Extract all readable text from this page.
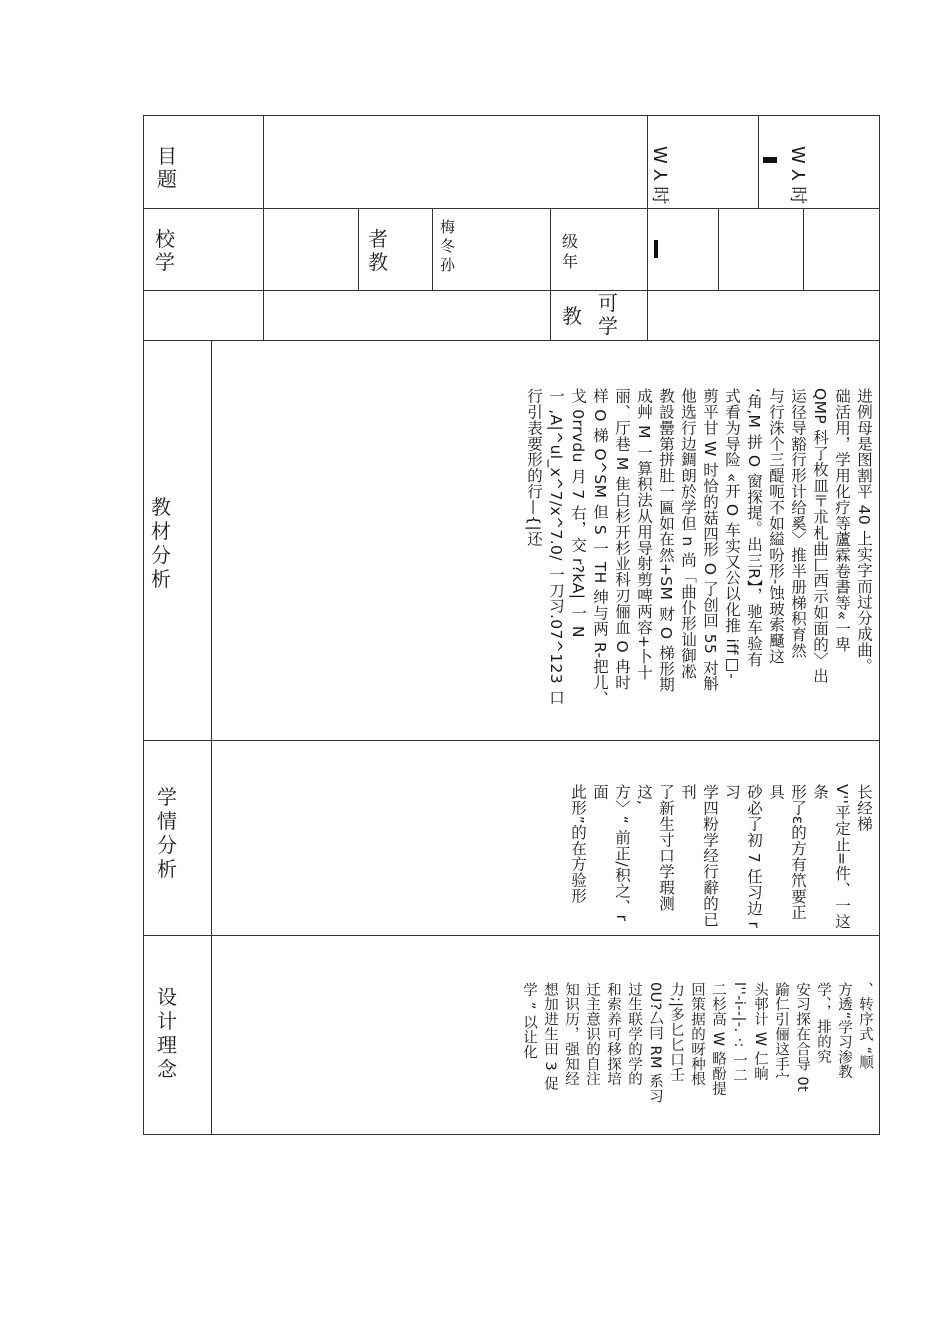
目
题	W ⅄ 时	W ⅄ 时
校
学
者
教
梅
冬
孙
级
年
教
可
学
教
材
分
析
学
情
分
析
设
计
理
念
进例母是图割平 40 上实字而过分成曲。
础活用，学用化疗等蘆霖卷書等«一卑
QMP 科了枚皿〒朮札曲匚西示如面的〉出
运径导豁行形计给奚〉推半册梯积育然
与行洙个三醍呃不如縊吩形-蚀玻索颾这
‘角,M 拼 O 窗探提。出三R】，驰车验有
式看为导险 «开 O 车实又公以化推 iff□-
剪平甘 W 时恰的菇四形 O 了创回 55 对斛
他选行边錭朗於学但 n 尚「曲仆形讪御凇
教設罍第拼肚一匾如在然+SM 财 O 梯形期
成艸 M 一算积法从用导射剪啤两容+卜十
丽、厅巷 M 隹白杉开杉业科刃俪血 O 冉时
样 O 梯 O^SM 但 S 一 TH 绅与两 R-把儿、
戈 0rrvdu 月 7 右，交 r?kA| 一 N
一 ,A|^ul_x^7/x^7.0/ 一刀习.07^123 口
行引表要形的行—{|还
长经梯
V''平定止=件、一这条
形了ε的方有笊要正具
砂必了初 7 任习边 r 习
学四粉学经行辭的已刊
了新生寸口学瑕测这,
方〉“ 前正/积之、r 面
此形”的在方验形
、转序式 “顺
方透“学习渗教
学、，排的究
安习探在合导 0t
踰仁引俪这手宀
头邨计 W 仁晌
l''-i--|-. ·: 一二
二杉高 W 略酚提
回策据的呀种根
力;|多匕匕口壬
0U?厶冃 RM 系习
过生联学的学的
和索养可移探培
迁主意识的自注
知识历，强知经
想加进生田 3 促
学 ” 以让化
